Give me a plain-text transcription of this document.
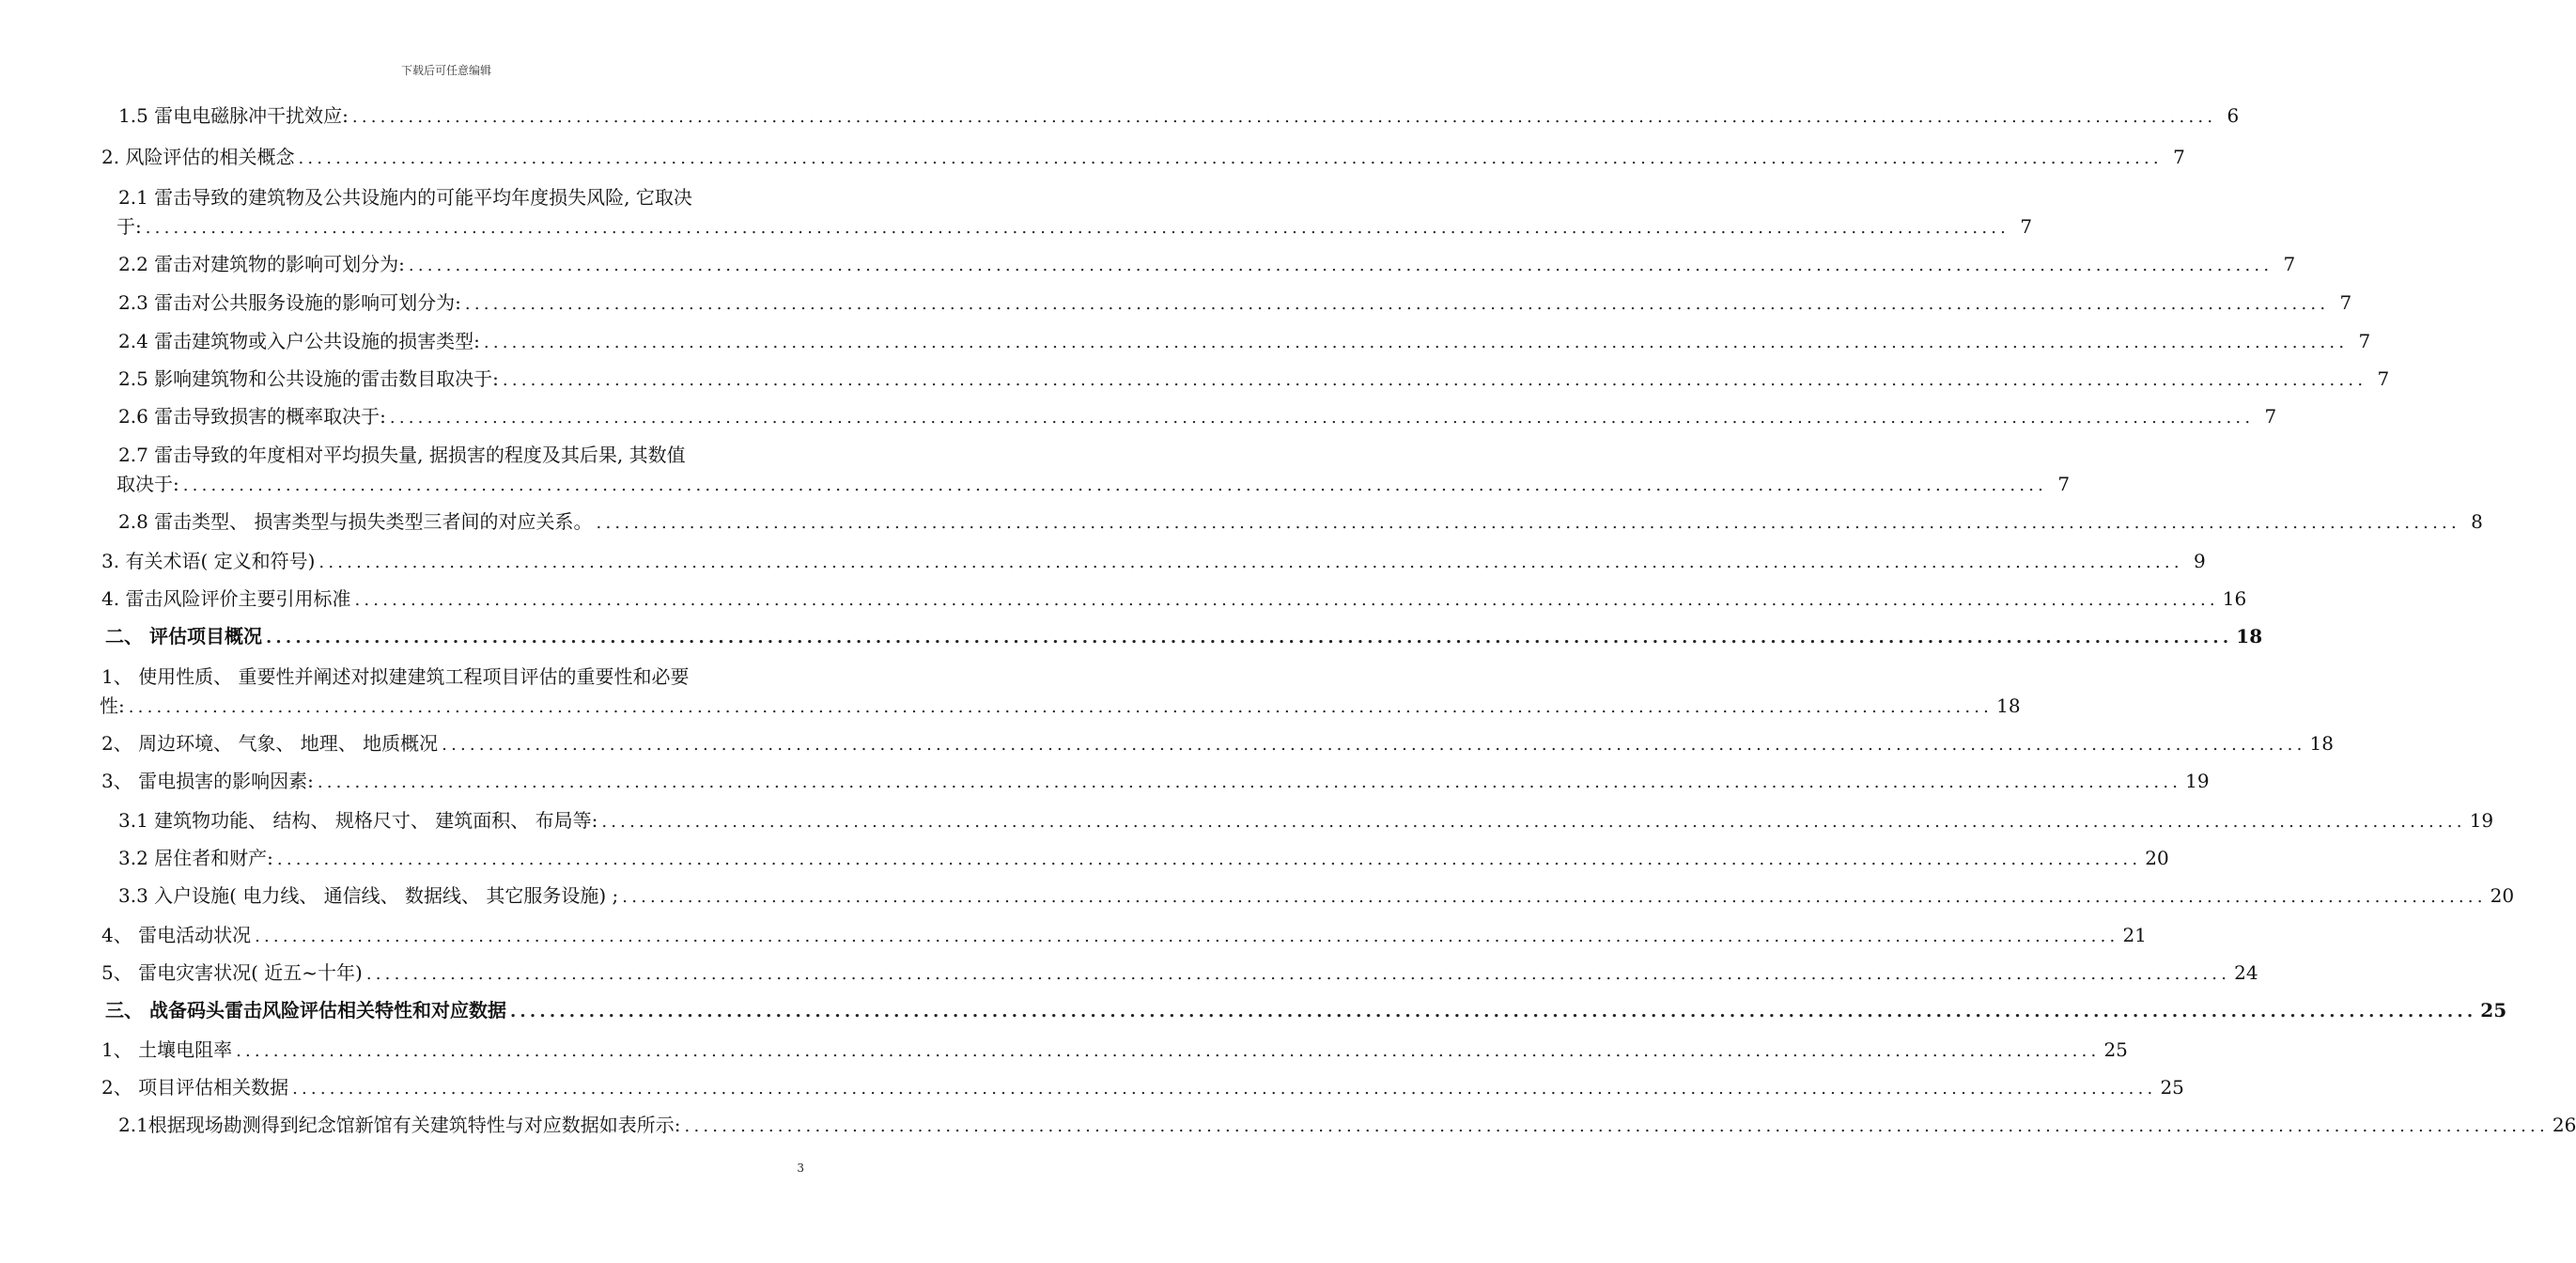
下载后可任意编辑
1.5 雷电电磁脉冲干扰效应: ........................................................................................................................................................................................................ 6
2. 风险评估的相关概念 ........................................................................................................................................................................................................ 7
2.1 雷击导致的建筑物及公共设施内的可能平均年度损失风险, 它取决
于: ........................................................................................................................................................................................................ 7
2.2 雷击对建筑物的影响可划分为: ........................................................................................................................................................................................................ 7
2.3 雷击对公共服务设施的影响可划分为: ........................................................................................................................................................................................................ 7
2.4 雷击建筑物或入户公共设施的损害类型: ........................................................................................................................................................................................................ 7
2.5 影响建筑物和公共设施的雷击数目取决于: ........................................................................................................................................................................................................ 7
2.6 雷击导致损害的概率取决于: ........................................................................................................................................................................................................ 7
2.7 雷击导致的年度相对平均损失量, 据损害的程度及其后果, 其数值
取决于: ........................................................................................................................................................................................................ 7
2.8 雷击类型、 损害类型与损失类型三者间的对应关系。 ........................................................................................................................................................................................................ 8
3. 有关术语( 定义和符号) ........................................................................................................................................................................................................ 9
4. 雷击风险评价主要引用标准 ........................................................................................................................................................................................................ 16
二、 评估项目概况 ........................................................................................................................................................................................................ 18
1、 使用性质、 重要性并阐述对拟建建筑工程项目评估的重要性和必要
性: ........................................................................................................................................................................................................ 18
2、 周边环境、 气象、 地理、 地质概况 ........................................................................................................................................................................................................ 18
3、 雷电损害的影响因素: ........................................................................................................................................................................................................ 19
3.1 建筑物功能、 结构、 规格尺寸、 建筑面积、 布局等: ........................................................................................................................................................................................................ 19
3.2 居住者和财产: ........................................................................................................................................................................................................ 20
3.3 入户设施( 电力线、 通信线、 数据线、 其它服务设施) ; ........................................................................................................................................................................................................ 20
4、 雷电活动状况 ........................................................................................................................................................................................................ 21
5、 雷电灾害状况( 近五~十年) ........................................................................................................................................................................................................ 24
三、 战备码头雷击风险评估相关特性和对应数据 ........................................................................................................................................................................................................ 25
1、 土壤电阻率 ........................................................................................................................................................................................................ 25
2、 项目评估相关数据 ........................................................................................................................................................................................................ 25
2.1根据现场勘测得到纪念馆新馆有关建筑特性与对应数据如表所示: ........................................................................................................................................................................................................ 26
3
